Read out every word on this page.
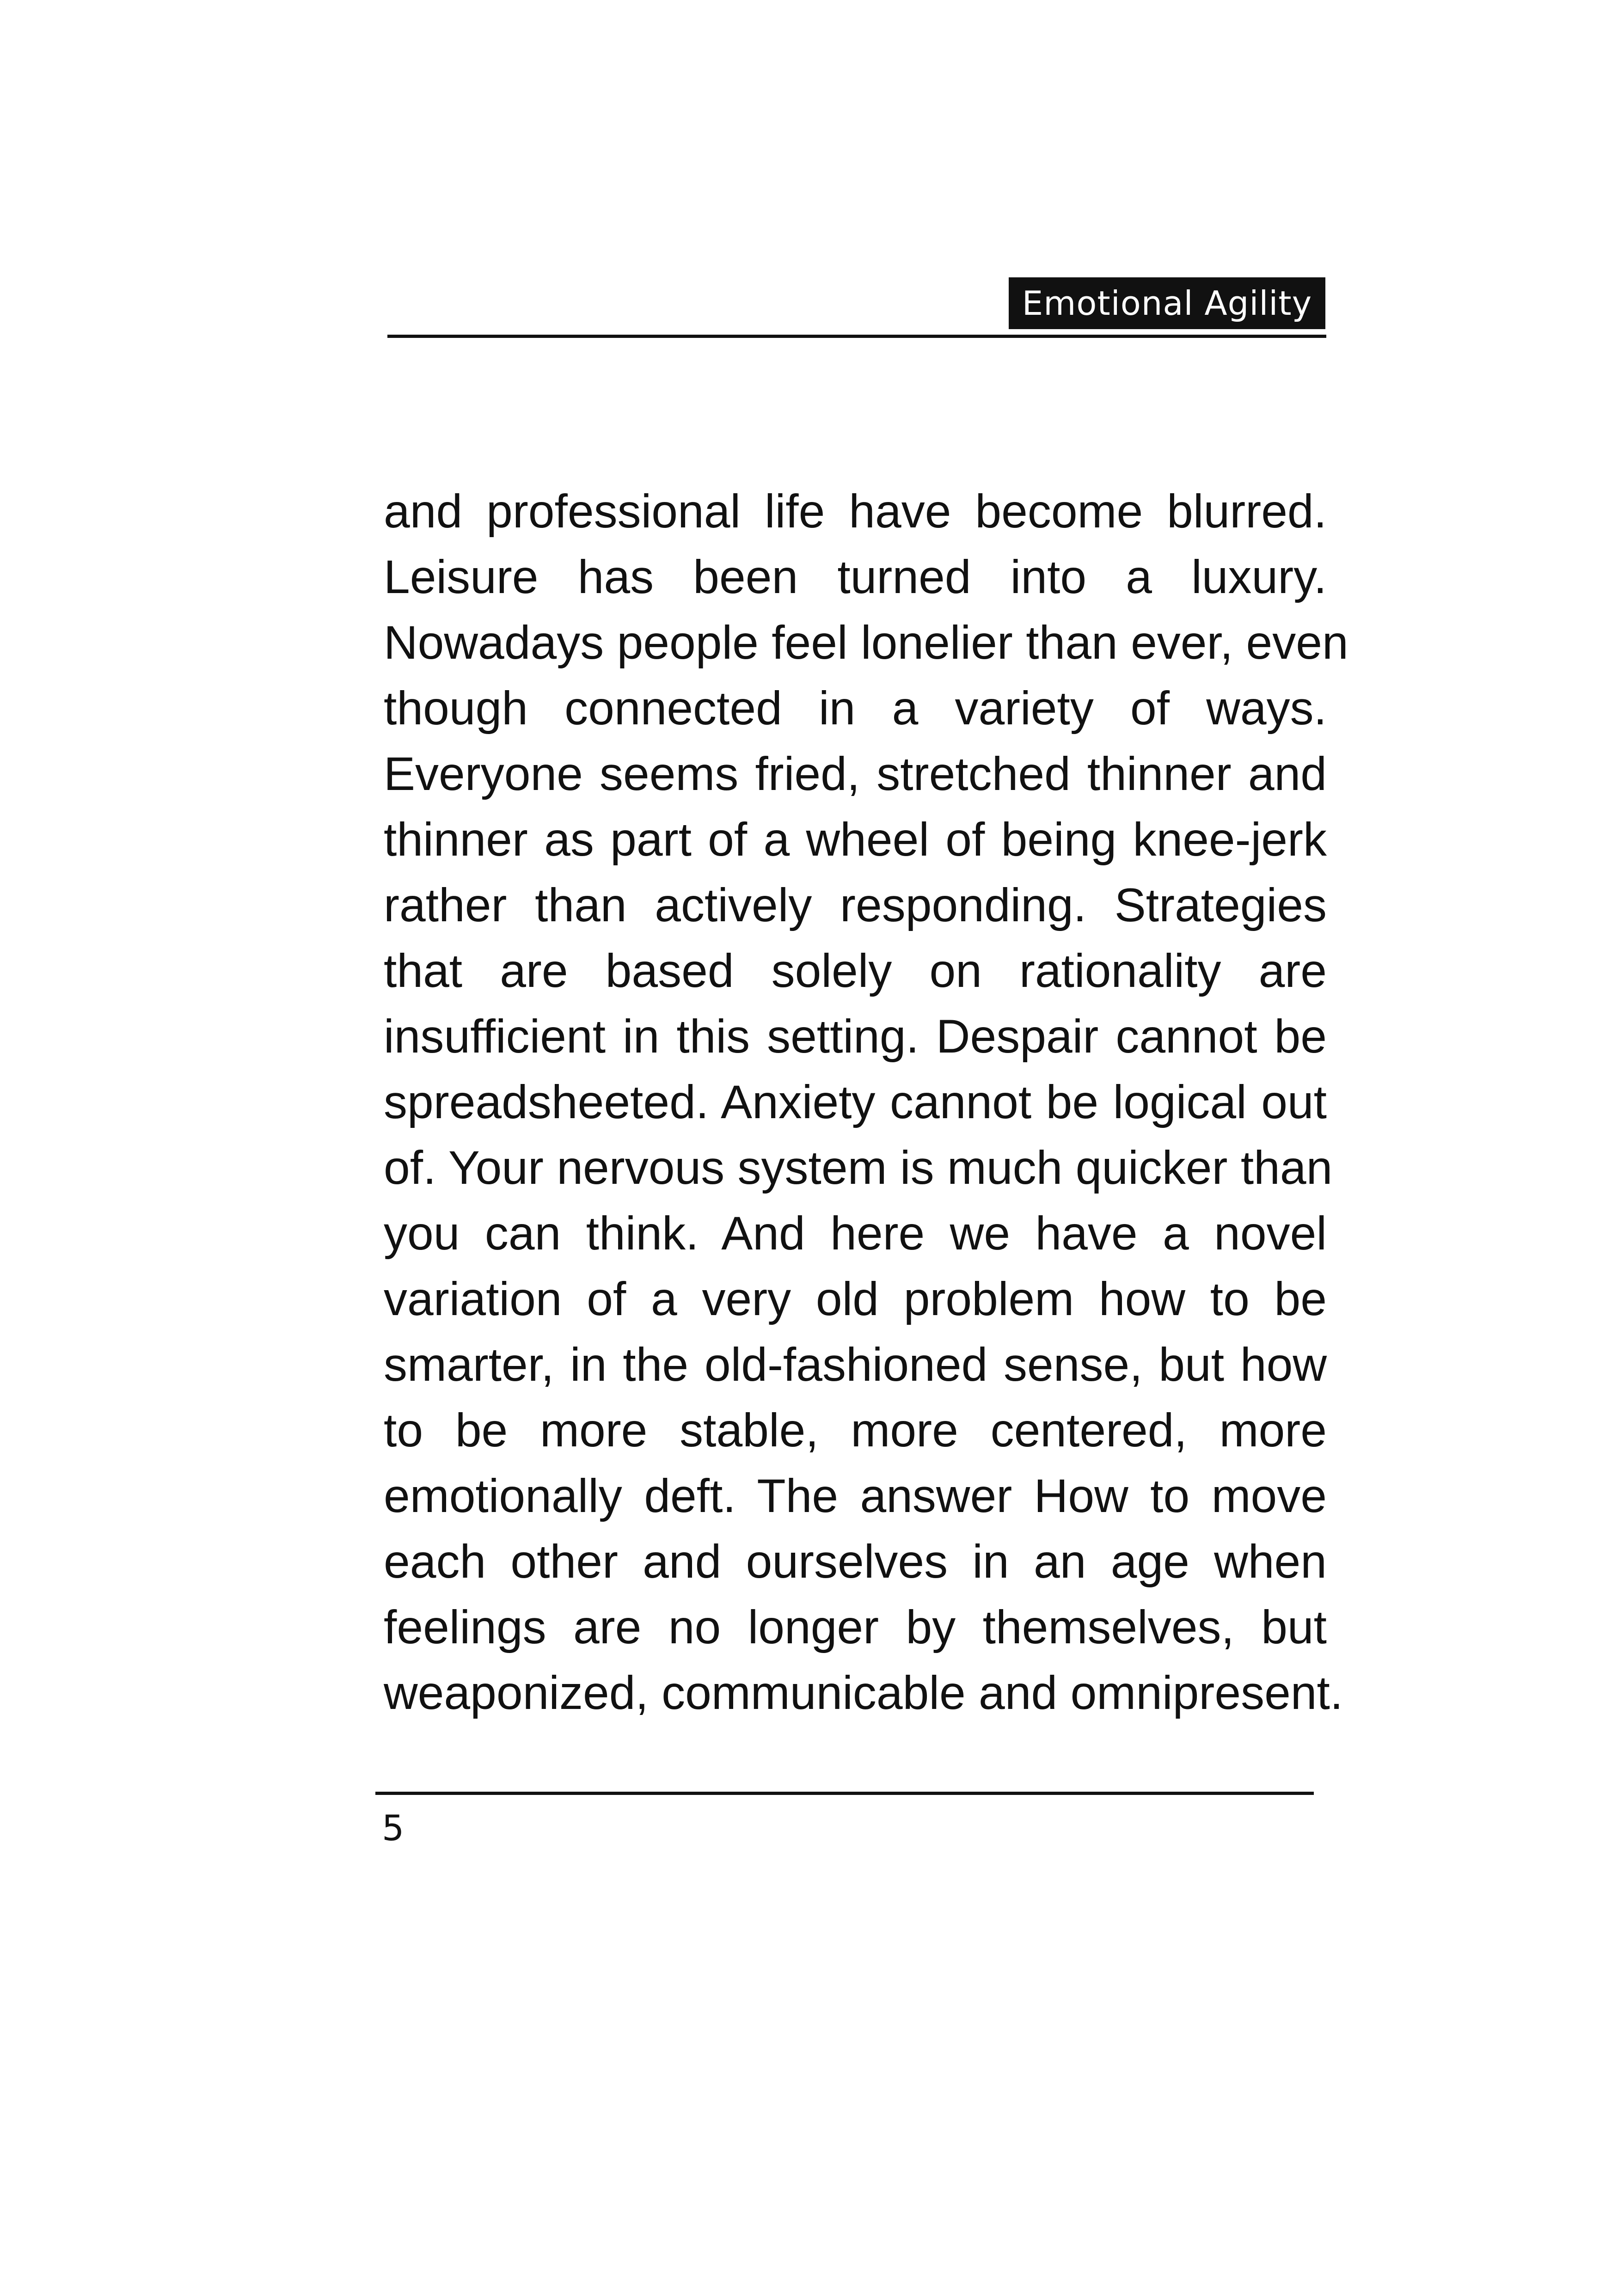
Emotional Agility
and professional life have become blurred.
Leisure has been turned into a luxury.
Nowadays people feel lonelier than ever, even
though connected in a variety of ways.
Everyone seems fried, stretched thinner and
thinner as part of a wheel of being knee-jerk
rather than actively responding. Strategies
that are based solely on rationality are
insufficient in this setting. Despair cannot be
spreadsheeted. Anxiety cannot be logical out
of. Your nervous system is much quicker than
you can think. And here we have a novel
variation of a very old problem how to be
smarter, in the old-fashioned sense, but how
to be more stable, more centered, more
emotionally deft. The answer How to move
each other and ourselves in an age when
feelings are no longer by themselves, but
weaponized, communicable and omnipresent.
5
